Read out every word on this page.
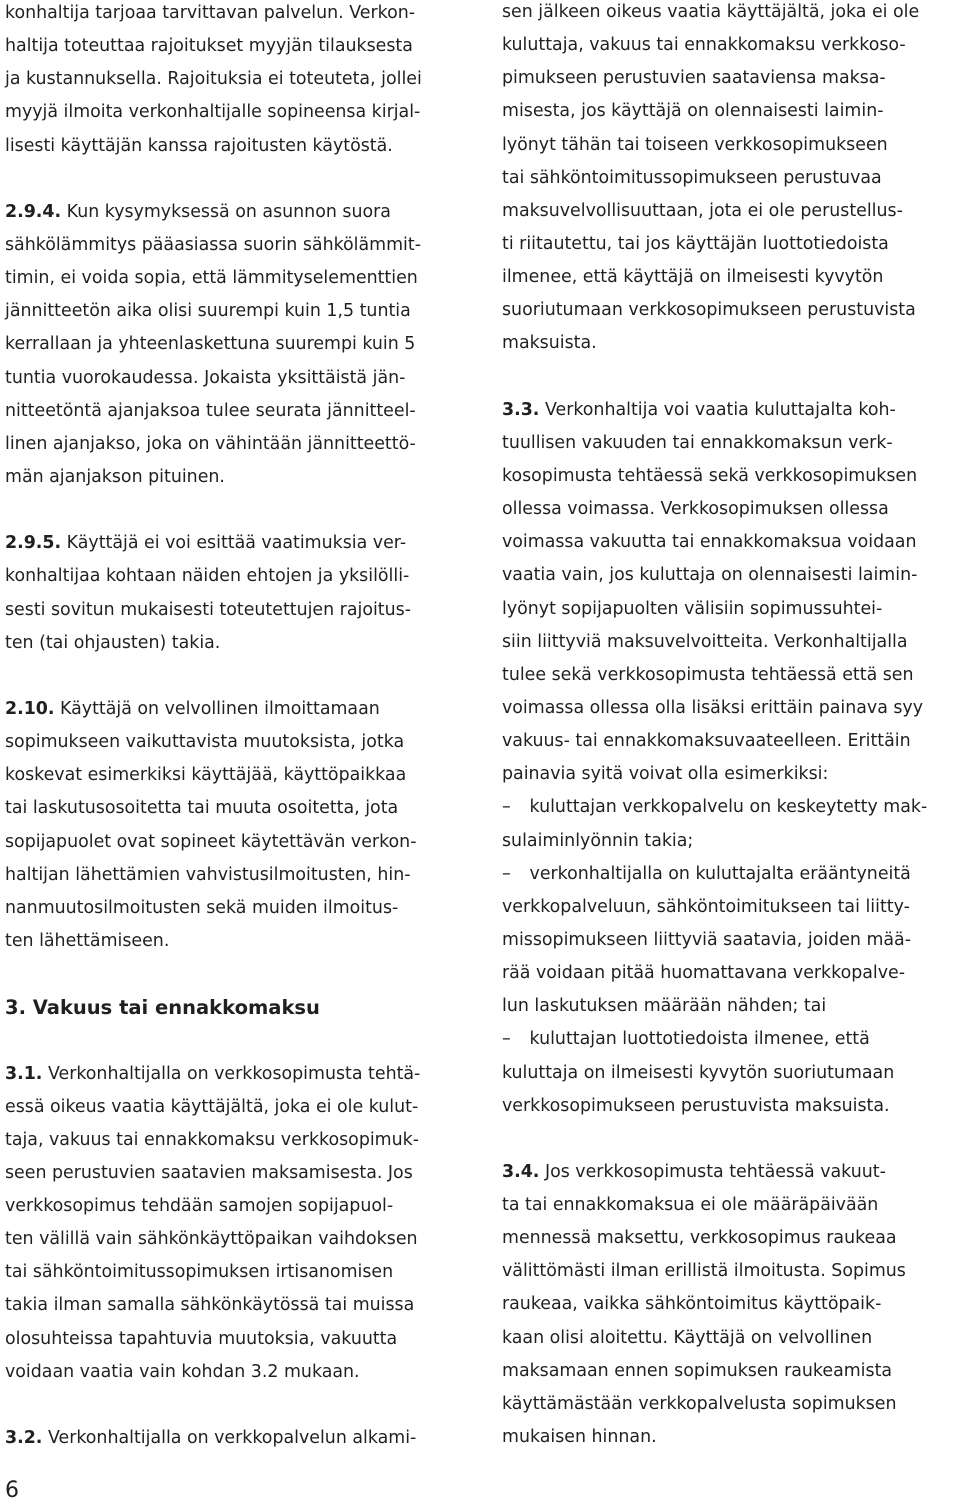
konhaltija tarjoaa tarvittavan palvelun. Verkon-
haltija toteuttaa rajoitukset myyjän tilauksesta
ja kustannuksella. Rajoituksia ei toteuteta, jollei
myyjä ilmoita verkonhaltijalle sopineensa kirjal-
lisesti käyttäjän kanssa rajoitusten käytöstä.
2.9.4. Kun kysymyksessä on asunnon suora
sähkölämmitys pääasiassa suorin sähkölämmit-
timin, ei voida sopia, että lämmityselementtien
jännitteetön aika olisi suurempi kuin 1,5 tuntia
kerrallaan ja yhteenlaskettuna suurempi kuin 5
tuntia vuorokaudessa. Jokaista yksittäistä jän-
nitteetöntä ajanjaksoa tulee seurata jännitteel-
linen ajanjakso, joka on vähintään jännitteettö-
män ajanjakson pituinen.
2.9.5. Käyttäjä ei voi esittää vaatimuksia ver-
konhaltijaa kohtaan näiden ehtojen ja yksilölli-
sesti sovitun mukaisesti toteutettujen rajoitus-
ten (tai ohjausten) takia.
2.10. Käyttäjä on velvollinen ilmoittamaan
sopimukseen vaikuttavista muutoksista, jotka
koskevat esimerkiksi käyttäjää, käyttöpaikkaa
tai laskutusosoitetta tai muuta osoitetta, jota
sopijapuolet ovat sopineet käytettävän verkon-
haltijan lähettämien vahvistusilmoitusten, hin-
nanmuutosilmoitusten sekä muiden ilmoitus-
ten lähettämiseen.
3. Vakuus tai ennakkomaksu
3.1. Verkonhaltijalla on verkkosopimusta tehtä-
essä oikeus vaatia käyttäjältä, joka ei ole kulut-
taja, vakuus tai ennakkomaksu verkkosopimuk-
seen perustuvien saatavien maksamisesta. Jos
verkkosopimus tehdään samojen sopijapuol-
ten välillä vain sähkönkäyttöpaikan vaihdoksen
tai sähköntoimitussopimuksen irtisanomisen
takia ilman samalla sähkönkäytössä tai muissa
olosuhteissa tapahtuvia muutoksia, vakuutta
voidaan vaatia vain kohdan 3.2 mukaan.
3.2. Verkonhaltijalla on verkkopalvelun alkami-
sen jälkeen oikeus vaatia käyttäjältä, joka ei ole
kuluttaja, vakuus tai ennakkomaksu verkkoso-
pimukseen perustuvien saataviensa maksa-
misesta, jos käyttäjä on olennaisesti laimin-
lyönyt tähän tai toiseen verkkosopimukseen
tai sähköntoimitussopimukseen perustuvaa
maksuvelvollisuuttaan, jota ei ole perustellus-
ti riitautettu, tai jos käyttäjän luottotiedoista
ilmenee, että käyttäjä on ilmeisesti kyvytön
suoriutumaan verkkosopimukseen perustuvista
maksuista.
3.3. Verkonhaltija voi vaatia kuluttajalta koh-
tuullisen vakuuden tai ennakkomaksun verk-
kosopimusta tehtäessä sekä verkkosopimuksen
ollessa voimassa. Verkkosopimuksen ollessa
voimassa vakuutta tai ennakkomaksua voidaan
vaatia vain, jos kuluttaja on olennaisesti laimin-
lyönyt sopijapuolten välisiin sopimussuhtei-
siin liittyviä maksuvelvoitteita. Verkonhaltijalla
tulee sekä verkkosopimusta tehtäessä että sen
voimassa ollessa olla lisäksi erittäin painava syy
vakuus- tai ennakkomaksuvaateelleen. Erittäin
painavia syitä voivat olla esimerkiksi:
– kuluttajan verkkopalvelu on keskeytetty mak-
sulaiminlyönnin takia;
– verkonhaltijalla on kuluttajalta erääntyneitä
verkkopalveluun, sähköntoimitukseen tai liitty-
missopimukseen liittyviä saatavia, joiden mää-
rää voidaan pitää huomattavana verkkopalve-
lun laskutuksen määrään nähden; tai
– kuluttajan luottotiedoista ilmenee, että
kuluttaja on ilmeisesti kyvytön suoriutumaan
verkkosopimukseen perustuvista maksuista.
3.4. Jos verkkosopimusta tehtäessä vakuut-
ta tai ennakkomaksua ei ole määräpäivään
mennessä maksettu, verkkosopimus raukeaa
välittömästi ilman erillistä ilmoitusta. Sopimus
raukeaa, vaikka sähköntoimitus käyttöpaik-
kaan olisi aloitettu. Käyttäjä on velvollinen
maksamaan ennen sopimuksen raukeamista
käyttämästään verkkopalvelusta sopimuksen
mukaisen hinnan.
6
